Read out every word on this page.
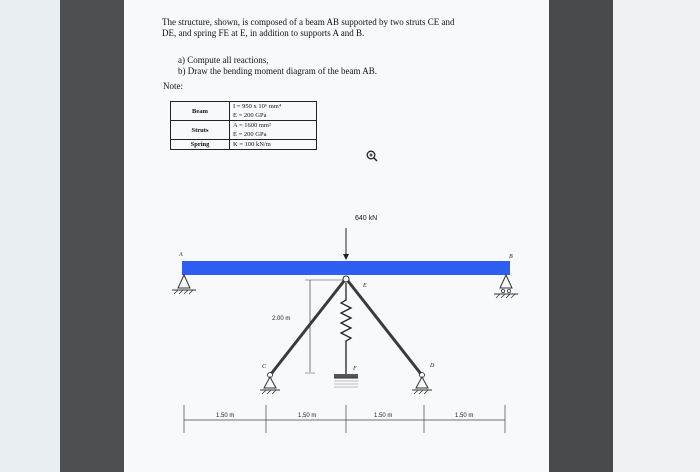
The structure, shown, is composed of a beam AB supported by two struts CE and
DE, and spring FE at E, in addition to supports A and B.
a) Compute all reactions,
b) Draw the bending moment diagram of the beam AB.
Note:
Beam	I = 950 x 10⁶ mm⁴
E = 200 GPa

Struts	A = 1600 mm²
E = 200 GPa

Spring	K = 100 kN/m
640 kN
A	B
E
C	D
F
2.00 m
1.50 m	1.50 m	1.50 m	1.50 m
